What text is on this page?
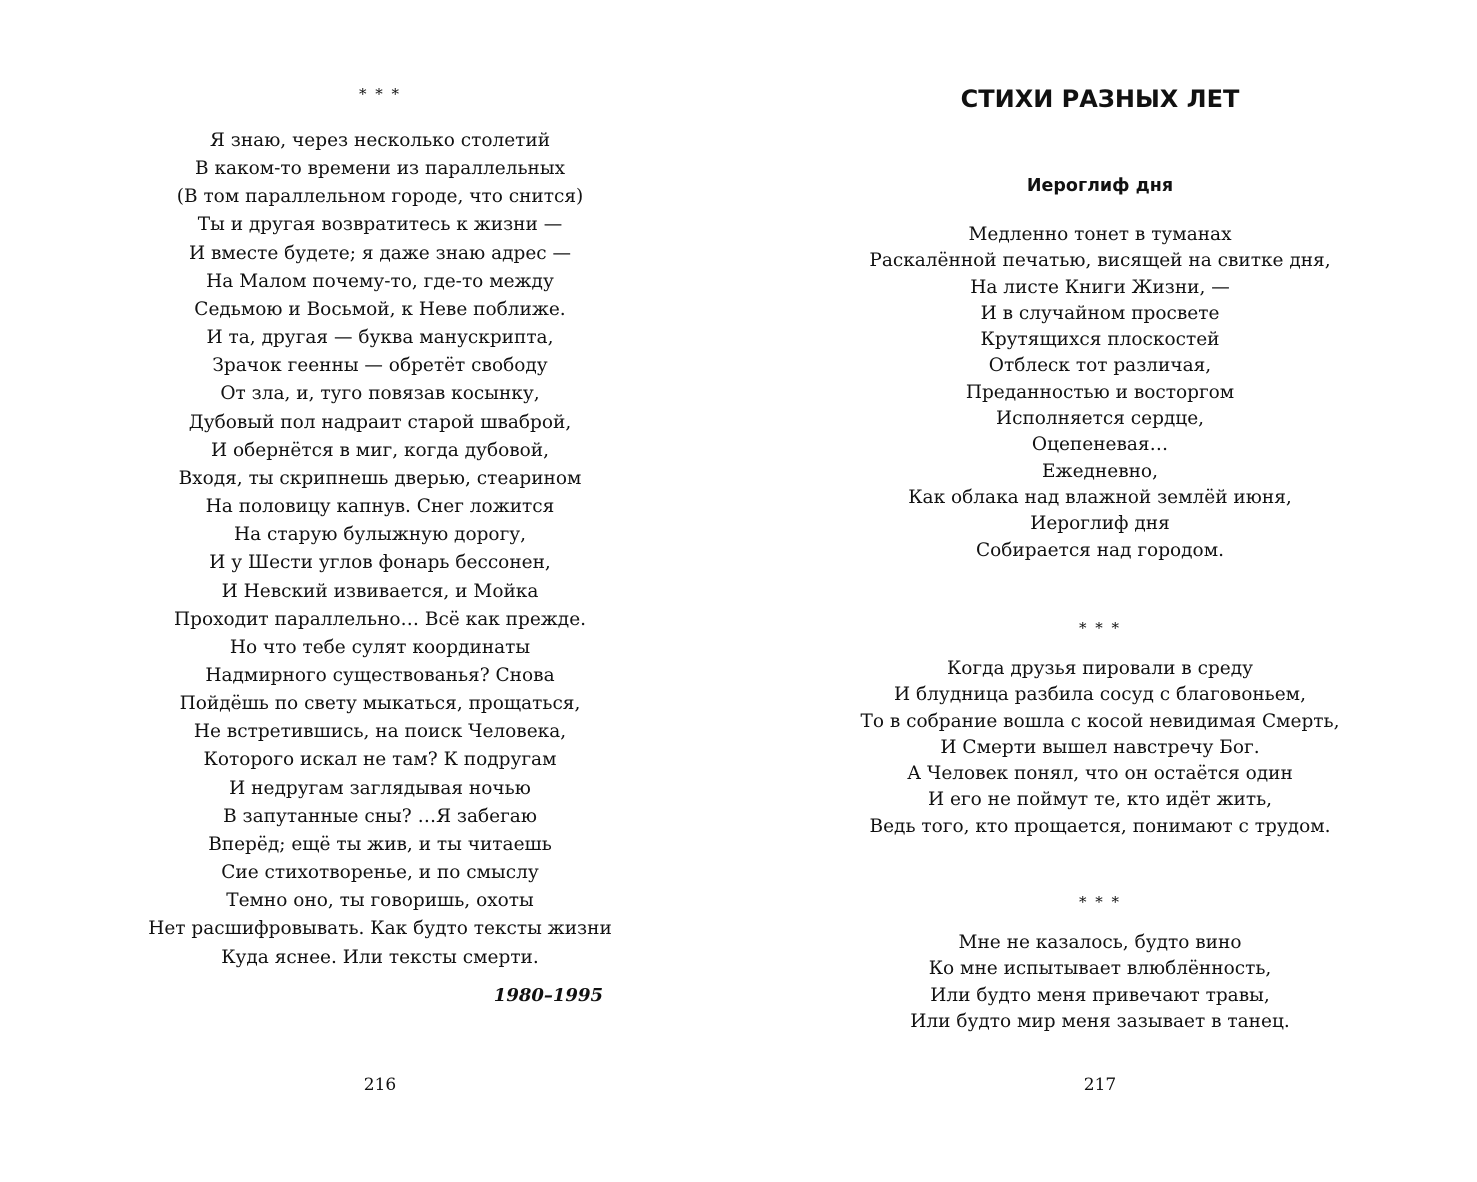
* * *
Я знаю, через несколько столетий
В каком-то времени из параллельных
(В том параллельном городе, что снится)
Ты и другая возвратитесь к жизни —
И вместе будете; я даже знаю адрес —
На Малом почему-то, где-то между
Седьмою и Восьмой, к Неве поближе.
И та, другая — буква манускрипта,
Зрачок геенны — обретёт свободу
От зла, и, туго повязав косынку,
Дубовый пол надраит старой шваброй,
И обернётся в миг, когда дубовой,
Входя, ты скрипнешь дверью, стеарином
На половицу капнув. Снег ложится
На старую булыжную дорогу,
И у Шести углов фонарь бессонен,
И Невский извивается, и Мойка
Проходит параллельно… Всё как прежде.
Но что тебе сулят координаты
Надмирного существованья? Снова
Пойдёшь по свету мыкаться, прощаться,
Не встретившись, на поиск Человека,
Которого искал не там? К подругам
И недругам заглядывая ночью
В запутанные сны? …Я забегаю
Вперёд; ещё ты жив, и ты читаешь
Сие стихотворенье, и по смыслу
Темно оно, ты говоришь, охоты
Нет расшифровывать. Как будто тексты жизни
Куда яснее. Или тексты смерти.
1980–1995
216
СТИХИ РАЗНЫХ ЛЕТ
Иероглиф дня
Медленно тонет в туманах
Раскалённой печатью, висящей на свитке дня,
На листе Книги Жизни, —
И в случайном просвете
Крутящихся плоскостей
Отблеск тот различая,
Преданностью и восторгом
Исполняется сердце,
Оцепеневая…
Ежедневно,
Как облака над влажной землёй июня,
Иероглиф дня
Собирается над городом.
* * *
Когда друзья пировали в среду
И блудница разбила сосуд с благовоньем,
То в собрание вошла с косой невидимая Смерть,
И Смерти вышел навстречу Бог.
А Человек понял, что он остаётся один
И его не поймут те, кто идёт жить,
Ведь того, кто прощается, понимают с трудом.
* * *
Мне не казалось, будто вино
Ко мне испытывает влюблённость,
Или будто меня привечают травы,
Или будто мир меня зазывает в танец.
217
